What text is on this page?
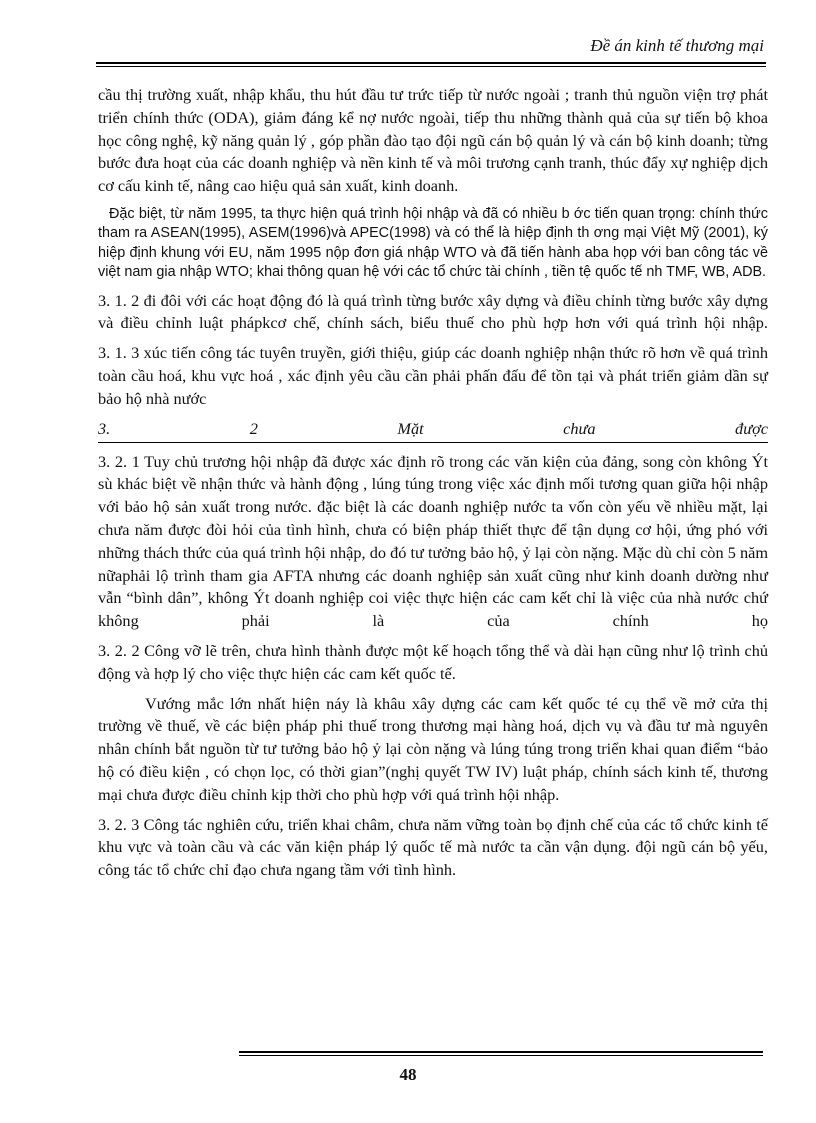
Đề án kinh tế thương mại

cầu thị trường xuất, nhập khẩu, thu hút đầu tư trức tiếp từ nước ngoài ; tranh thủ nguồn viện trợ phát triển chính thức (ODA), giảm đáng kể nợ nước ngoài, tiếp thu những thành quả của sự tiến bộ khoa học công nghệ, kỹ năng quản lý , góp phần đào tạo đội ngũ cán bộ quản lý và cán bộ kinh doanh; từng bước đưa hoạt của các doanh nghiệp và nền kinh tế và môi trương cạnh tranh, thúc đẩy xự nghiệp dịch cơ cấu kinh tế, nâng cao hiệu quả sản xuất, kinh doanh.

Đặc biệt, từ năm 1995, ta thực hiện quá trình hội nhập và đã có nhiều b ớc tiến quan trọng: chính thức tham ra ASEAN(1995), ASEM(1996)và APEC(1998) và có thể là hiệp định th ơng mại Việt Mỹ (2001), ký hiệp định khung với EU, năm 1995 nộp đơn giá nhập WTO và đã tiến hành aba họp với ban công tác về việt nam gia nhập WTO; khai thông quan hệ với các tổ chức tài chính , tiền tệ quốc tế nh TMF, WB, ADB.

3. 1. 2 đi đôi với các hoạt động đó là quá trình từng bước xây dựng và điều chỉnh từng bước xây dựng và điều chỉnh luật phápkcơ chế, chính sách, biểu thuế cho phù hợp hơn với quá trình hội nhập.

3. 1. 3 xúc tiến công tác tuyên truyền, giới thiệu, giúp các doanh nghiệp nhận thức rõ hơn về quá trình toàn cầu hoá, khu vực hoá , xác định yêu cầu cần phải phấn đấu để tồn tại và phát triển giảm dần sự bảo hộ nhà nước

3. 2 Mặt chưa được

3. 2. 1 Tuy chủ trương hội nhập đã được xác định rõ trong các văn kiện của đảng, song còn không Ýt sù khác biệt về nhận thức và hành động , lúng túng trong việc xác định mối tương quan giữa hội nhập với bảo hộ sản xuất trong nước. đặc biệt là các doanh nghiệp nước ta vốn còn yếu về nhiều mặt, lại chưa năm được đòi hỏi của tình hình, chưa có biện pháp thiết thực để tận dụng cơ hội, ứng phó với những thách thức của quá trình hội nhập, do đó tư tưởng bảo hộ, ỷ lại còn nặng. Mặc dù chỉ còn 5 năm nữaphải lộ trình tham gia AFTA nhưng các doanh nghiệp sản xuất cũng như kinh doanh dường như vẫn “bình dân”, không Ýt doanh nghiệp coi việc thực hiện các cam kết chỉ là việc của nhà nước chứ không phải là của chính họ

3. 2. 2 Công vỡ lẽ trên, chưa hình thành được một kế hoạch tổng thể và dài hạn cũng như lộ trình chủ động và hợp lý cho việc thực hiện các cam kết quốc tế.

Vướng mắc lớn nhất hiện náy là khâu xây dựng các cam kết quốc té cụ thể về mở cửa thị trường về thuế, về các biện pháp phi thuế trong thương mại hàng hoá, dịch vụ và đầu tư mà nguyên nhân chính bắt nguồn từ tư tưởng bảo hộ ỷ lại còn nặng và lúng túng trong triển khai quan điểm “bảo hộ có điều kiện , có chọn lọc, có thời gian”(nghị quyết TW IV) luật pháp, chính sách kinh tế, thương mại chưa được điều chỉnh kịp thời cho phù hợp với quá trình hội nhập.

3. 2. 3 Công tác nghiên cứu, triển khai châm, chưa năm vững toàn bọ định chế của các tổ chức kinh tế khu vực và toàn cầu và các văn kiện pháp lý quốc tế mà nước ta cần vận dụng. đội ngũ cán bộ yếu, công tác tổ chức chỉ đạo chưa ngang tầm với tình hình.

48
